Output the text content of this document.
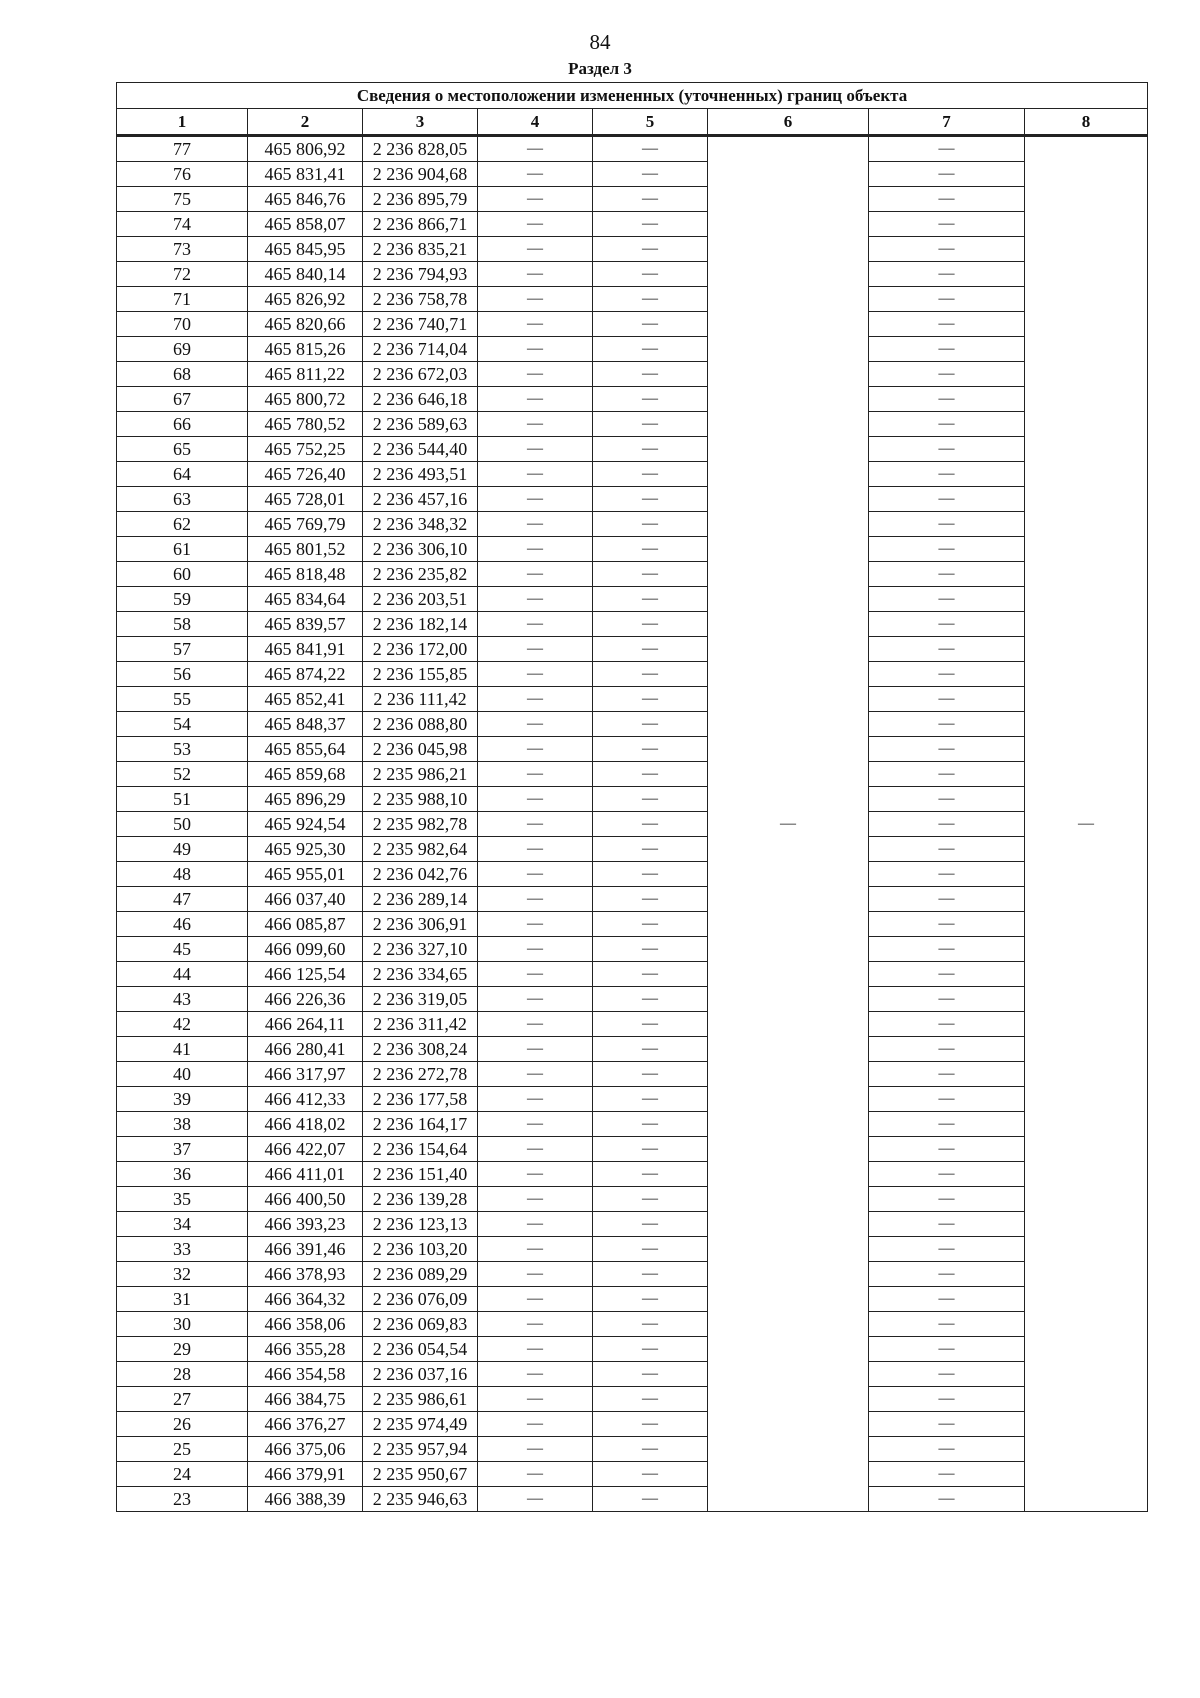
84
Раздел 3
Сведения о местоположении измененных (уточненных) границ объекта							
1	2	3	4	5	6	7	8
77	465 806,92	2 236 828,05	—	—	—	—	—
76	465 831,41	2 236 904,68	—	—		—	
75	465 846,76	2 236 895,79	—	—		—	
74	465 858,07	2 236 866,71	—	—		—	
73	465 845,95	2 236 835,21	—	—		—	
72	465 840,14	2 236 794,93	—	—		—	
71	465 826,92	2 236 758,78	—	—		—	
70	465 820,66	2 236 740,71	—	—		—	
69	465 815,26	2 236 714,04	—	—		—	
68	465 811,22	2 236 672,03	—	—		—	
67	465 800,72	2 236 646,18	—	—		—	
66	465 780,52	2 236 589,63	—	—		—	
65	465 752,25	2 236 544,40	—	—		—	
64	465 726,40	2 236 493,51	—	—		—	
63	465 728,01	2 236 457,16	—	—		—	
62	465 769,79	2 236 348,32	—	—		—	
61	465 801,52	2 236 306,10	—	—		—	
60	465 818,48	2 236 235,82	—	—		—	
59	465 834,64	2 236 203,51	—	—		—	
58	465 839,57	2 236 182,14	—	—		—	
57	465 841,91	2 236 172,00	—	—		—	
56	465 874,22	2 236 155,85	—	—		—	
55	465 852,41	2 236 111,42	—	—		—	
54	465 848,37	2 236 088,80	—	—		—	
53	465 855,64	2 236 045,98	—	—		—	
52	465 859,68	2 235 986,21	—	—		—	
51	465 896,29	2 235 988,10	—	—		—	
50	465 924,54	2 235 982,78	—	—		—	
49	465 925,30	2 235 982,64	—	—		—	
48	465 955,01	2 236 042,76	—	—		—	
47	466 037,40	2 236 289,14	—	—		—	
46	466 085,87	2 236 306,91	—	—		—	
45	466 099,60	2 236 327,10	—	—		—	
44	466 125,54	2 236 334,65	—	—		—	
43	466 226,36	2 236 319,05	—	—		—	
42	466 264,11	2 236 311,42	—	—		—	
41	466 280,41	2 236 308,24	—	—		—	
40	466 317,97	2 236 272,78	—	—		—	
39	466 412,33	2 236 177,58	—	—		—	
38	466 418,02	2 236 164,17	—	—		—	
37	466 422,07	2 236 154,64	—	—		—	
36	466 411,01	2 236 151,40	—	—		—	
35	466 400,50	2 236 139,28	—	—		—	
34	466 393,23	2 236 123,13	—	—		—	
33	466 391,46	2 236 103,20	—	—		—	
32	466 378,93	2 236 089,29	—	—		—	
31	466 364,32	2 236 076,09	—	—		—	
30	466 358,06	2 236 069,83	—	—		—	
29	466 355,28	2 236 054,54	—	—		—	
28	466 354,58	2 236 037,16	—	—		—	
27	466 384,75	2 235 986,61	—	—		—	
26	466 376,27	2 235 974,49	—	—		—	
25	466 375,06	2 235 957,94	—	—		—	
24	466 379,91	2 235 950,67	—	—		—	
23	466 388,39	2 235 946,63	—	—		—	
